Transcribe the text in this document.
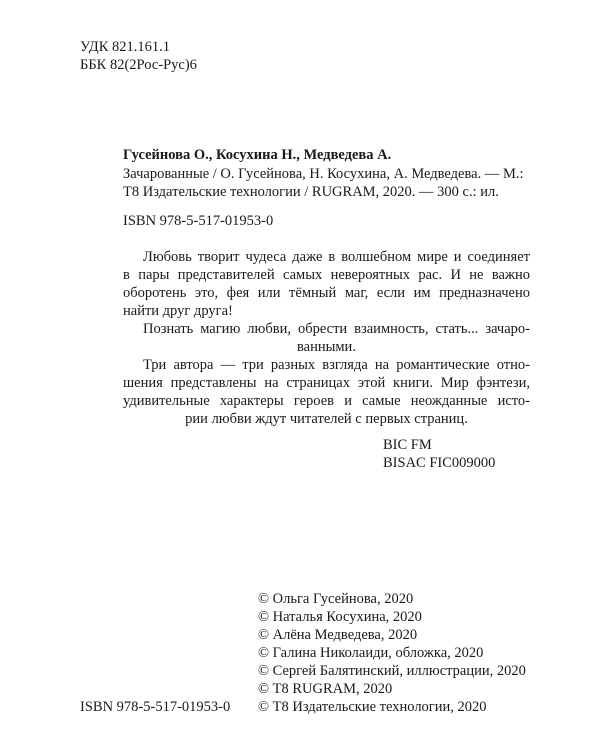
УДК 821.161.1
ББК 82(2Рос-Рус)6
Гусейнова О., Косухина Н., Медведева А.
Зачарованные / О. Гусейнова, Н. Косухина, А. Медведева. — М.:
Т8 Издательские технологии / RUGRAM, 2020. — 300 с.: ил.
ISBN 978-5-517-01953-0
Любовь творит чудеса даже в волшебном мире и соединяет
в пары представителей самых невероятных рас. И не важно
оборотень это, фея или тёмный маг, если им предназначено
найти друг друга!
Познать магию любви, обрести взаимность, стать... зачаро-
ванными.
Три автора — три разных взгляда на романтические отно-
шения представлены на страницах этой книги. Мир фэнтези,
удивительные характеры героев и самые неожданные исто-
рии любви ждут читателей с первых страниц.
BIC FM
BISAC FIC009000
© Ольга Гусейнова, 2020
© Наталья Косухина, 2020
© Алёна Медведева, 2020
© Галина Николаиди, обложка, 2020
© Сергей Балятинский, иллюстрации, 2020
© Т8 RUGRAM, 2020
© Т8 Издательские технологии, 2020
ISBN 978-5-517-01953-0
